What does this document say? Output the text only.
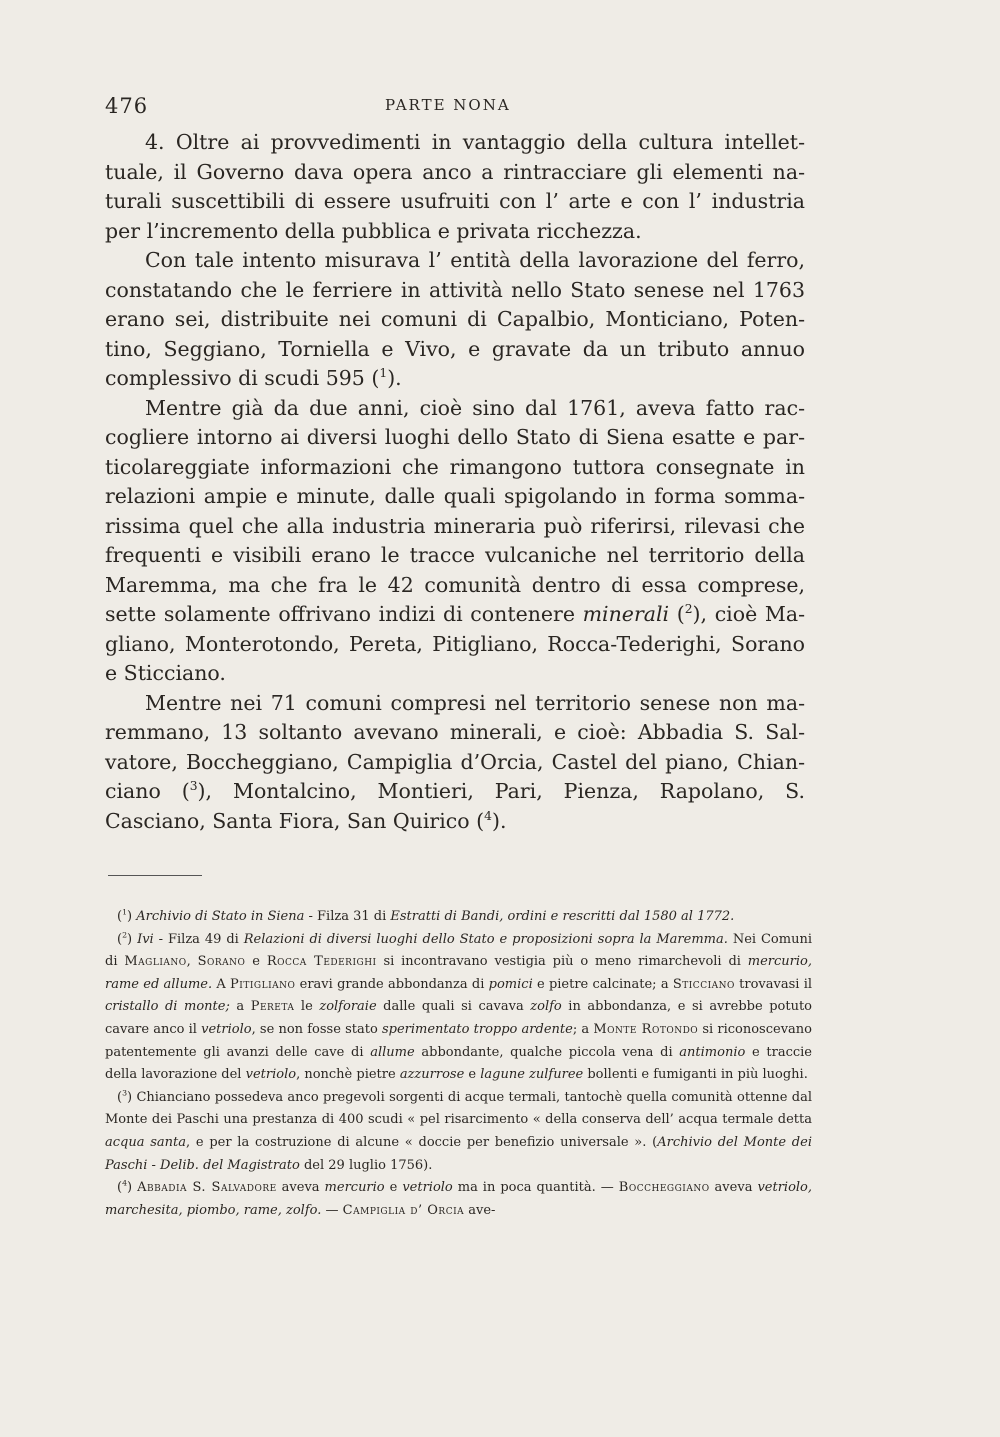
476	PARTE NONA

4. Oltre ai provvedimenti in vantaggio della cultura intellettuale, il Governo dava opera anco a rintracciare gli elementi naturali suscettibili di essere usufruiti con l’ arte e con l’ industria per l’incremento della pubblica e privata ricchezza.

Con tale intento misurava l’ entità della lavorazione del ferro, constatando che le ferriere in attività nello Stato senese nel 1763 erano sei, distribuite nei comuni di Capalbio, Monticiano, Potentino, Seggiano, Torniella e Vivo, e gravate da un tributo annuo complessivo di scudi 595 ($^1$).

Mentre già da due anni, cioè sino dal 1761, aveva fatto raccogliere intorno ai diversi luoghi dello Stato di Siena esatte e particolareggiate informazioni che rimangono tuttora consegnate in relazioni ampie e minute, dalle quali spigolando in forma sommarissima quel che alla industria mineraria può riferirsi, rilevasi che frequenti e visibili erano le tracce vulcaniche nel territorio della Maremma, ma che fra le 42 comunità dentro di essa comprese, sette solamente offrivano indizi di contenere minerali ($^2$), cioè Magliano, Monterotondo, Pereta, Pitigliano, Rocca-Tederighi, Sorano e Sticciano.

Mentre nei 71 comuni compresi nel territorio senese non maremmano, 13 soltanto avevano minerali, e cioè: Abbadia S. Salvatore, Boccheggiano, Campiglia d’Orcia, Castel del piano, Chianciano ($^3$), Montalcino, Montieri, Pari, Pienza, Rapolano, S. Casciano, Santa Fiora, San Quirico ($^4$).

($^1$) Archivio di Stato in Siena - Filza 31 di Estratti di Bandi, ordini e rescritti dal 1580 al 1772.

($^2$) Ivi - Filza 49 di Relazioni di diversi luoghi dello Stato e proposizioni sopra la Maremma. Nei Comuni di Magliano, Sorano e Rocca Tederighi si incontravano vestigia più o meno rimarchevoli di mercurio, rame ed allume. A Pitigliano eravi grande abbondanza di pomici e pietre calcinate; a Sticciano trovavasi il cristallo di monte; a Pereta le zolforaie dalle quali si cavava zolfo in abbondanza, e si avrebbe potuto cavare anco il vetriolo, se non fosse stato sperimentato troppo ardente; a Monte Rotondo si riconoscevano patentemente gli avanzi delle cave di allume abbondante, qualche piccola vena di antimonio e traccie della lavorazione del vetriolo, nonchè pietre azzurrose e lagune zulfuree bollenti e fumiganti in più luoghi.

($^3$) Chianciano possedeva anco pregevoli sorgenti di acque termali, tantochè quella comunità ottenne dal Monte dei Paschi una prestanza di 400 scudi « pel risarcimento « della conserva dell’ acqua termale detta acqua santa, e per la costruzione di alcune « doccie per benefizio universale ». (Archivio del Monte dei Paschi - Delib. del Magistrato del 29 luglio 1756).

($^4$) Abbadia S. Salvadore aveva mercurio e vetriolo ma in poca quantità. — Boccheggiano aveva vetriolo, marchesita, piombo, rame, zolfo. — Campiglia d’ Orcia ave-
